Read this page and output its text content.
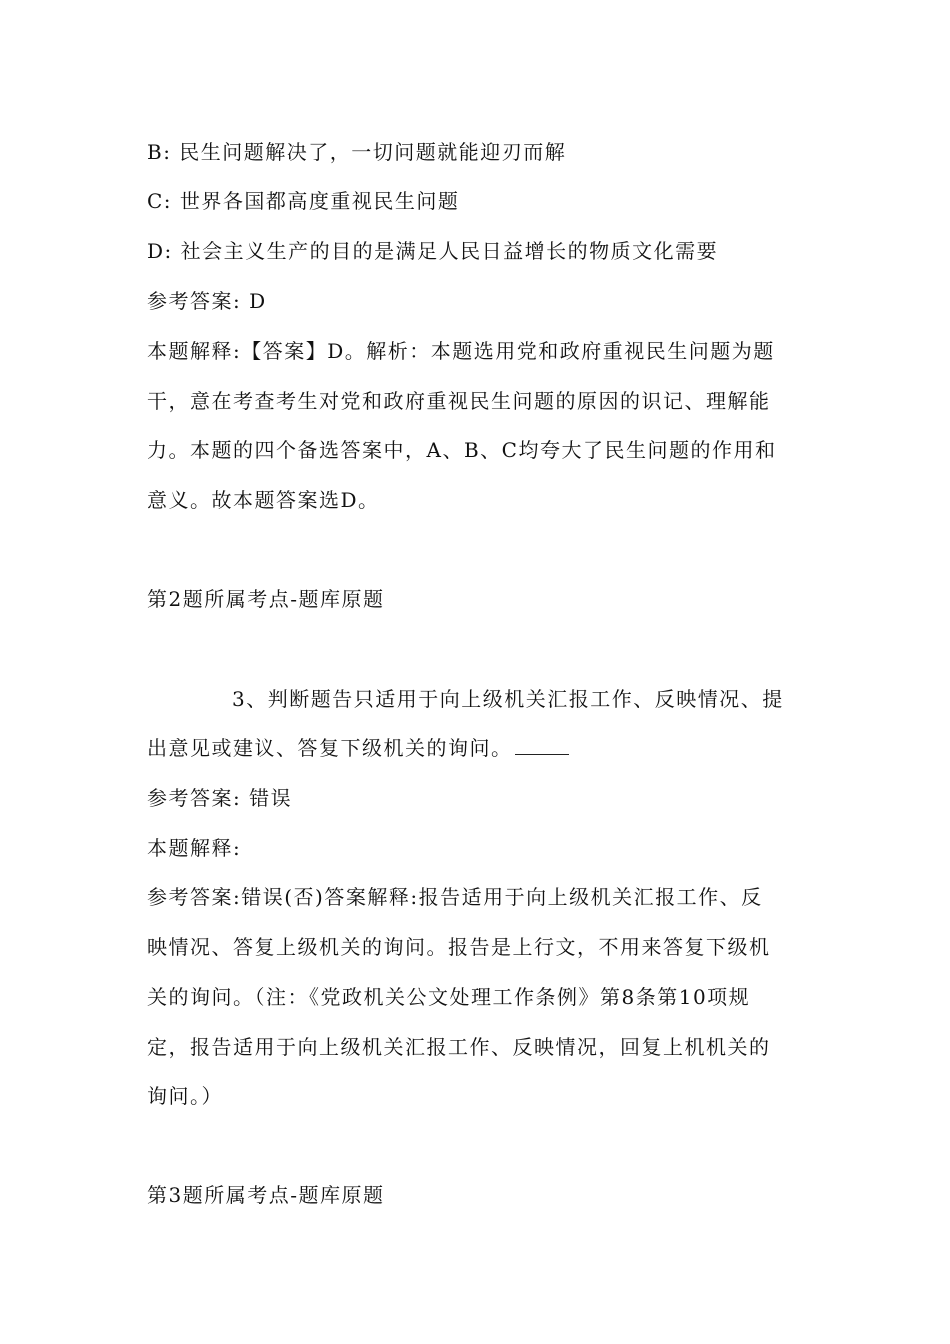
B: 民生问题解决了，一切问题就能迎刃而解
C: 世界各国都高度重视民生问题
D: 社会主义生产的目的是满足人民日益增长的物质文化需要
参考答案: D
本题解释:【答案】D。解析：本题选用党和政府重视民生问题为题
干，意在考查考生对党和政府重视民生问题的原因的识记、理解能
力。本题的四个备选答案中，A、B、C均夸大了民生问题的作用和
意义。故本题答案选D。
第2题所属考点-题库原题
3、判断题告只适用于向上级机关汇报工作、反映情况、提
出意见或建议、答复下级机关的询问。
参考答案: 错误
本题解释:
参考答案:错误(否)答案解释:报告适用于向上级机关汇报工作、反
映情况、答复上级机关的询问。报告是上行文，不用来答复下级机
关的询问。（注：《党政机关公文处理工作条例》第8条第10项规
定，报告适用于向上级机关汇报工作、反映情况，回复上机机关的
询问。）
第3题所属考点-题库原题
